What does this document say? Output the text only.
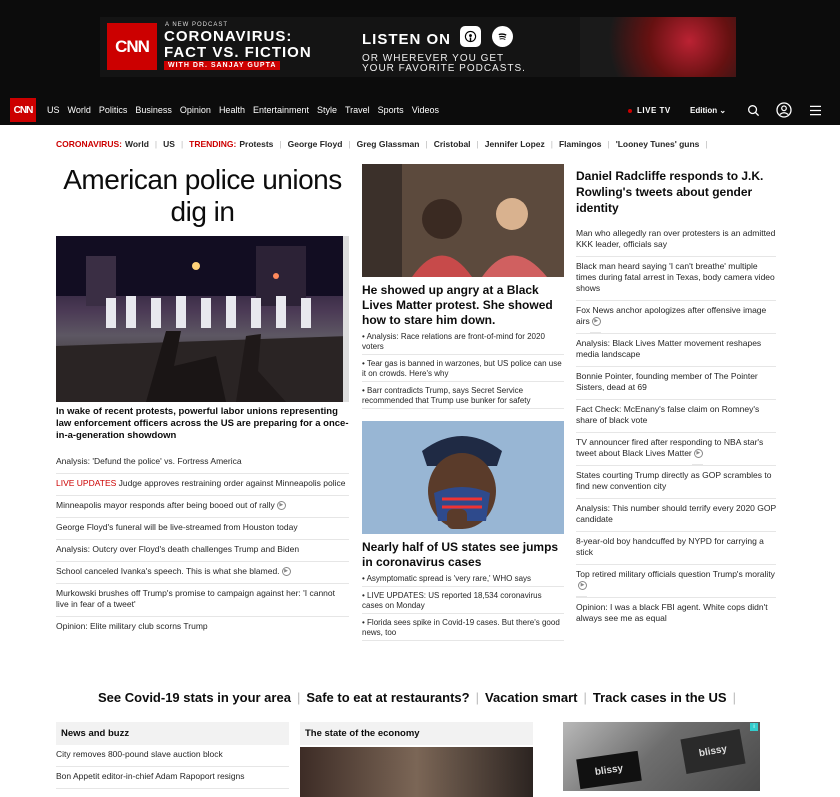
CNN
A NEW PODCAST
CORONAVIRUS:
FACT VS. FICTION
WITH DR. SANJAY GUPTA
LISTEN ON
OR WHEREVER YOU GET
YOUR FAVORITE PODCASTS.
CNN	US World Politics Business Opinion Health Entertainment Style Travel Sports Videos	LIVE TV Edition ⌄
CORONAVIRUS: World | US | TRENDING: Protests | George Floyd | Greg Glassman | Cristobal | Jennifer Lopez | Flamingos | 'Looney Tunes' guns |
American police unions dig in
In wake of recent protests, powerful labor unions representing law enforcement officers across the US are preparing for a once-in-a-generation showdown
Analysis: 'Defund the police' vs. Fortress America
LIVE UPDATES Judge approves restraining order against Minneapolis police
Minneapolis mayor responds after being booed out of rally ▶
George Floyd's funeral will be live-streamed from Houston today
Analysis: Outcry over Floyd's death challenges Trump and Biden
School canceled Ivanka's speech. This is what she blamed. ▶
Murkowski brushes off Trump's promise to campaign against her: 'I cannot live in fear of a tweet'
Opinion: Elite military club scorns Trump
He showed up angry at a Black Lives Matter protest. She showed how to stare him down.
• Analysis: Race relations are front-of-mind for 2020 voters
• Tear gas is banned in warzones, but US police can use it on crowds. Here's why
• Barr contradicts Trump, says Secret Service recommended that Trump use bunker for safety
Nearly half of US states see jumps in coronavirus cases
• Asymptomatic spread is 'very rare,' WHO says
• LIVE UPDATES: US reported 18,534 coronavirus cases on Monday
• Florida sees spike in Covid-19 cases. But there's good news, too
Daniel Radcliffe responds to J.K. Rowling's tweets about gender identity
Man who allegedly ran over protesters is an admitted KKK leader, officials say
Black man heard saying 'I can't breathe' multiple times during fatal arrest in Texas, body camera video shows
Fox News anchor apologizes after offensive image airs ▶
Analysis: Black Lives Matter movement reshapes media landscape
Bonnie Pointer, founding member of The Pointer Sisters, dead at 69
Fact Check: McEnany's false claim on Romney's share of black vote
TV announcer fired after responding to NBA star's tweet about Black Lives Matter ▶
States courting Trump directly as GOP scrambles to find new convention city
Analysis: This number should terrify every 2020 GOP candidate
8-year-old boy handcuffed by NYPD for carrying a stick
Top retired military officials question Trump's morality▶
Opinion: I was a black FBI agent. White cops didn't always see me as equal
See Covid-19 stats in your area | Safe to eat at restaurants? | Vacation smart | Track cases in the US |
News and buzz
City removes 800-pound slave auction block
Bon Appetit editor-in-chief Adam Rapoport resigns
The state of the economy
i
blissy
blissy
